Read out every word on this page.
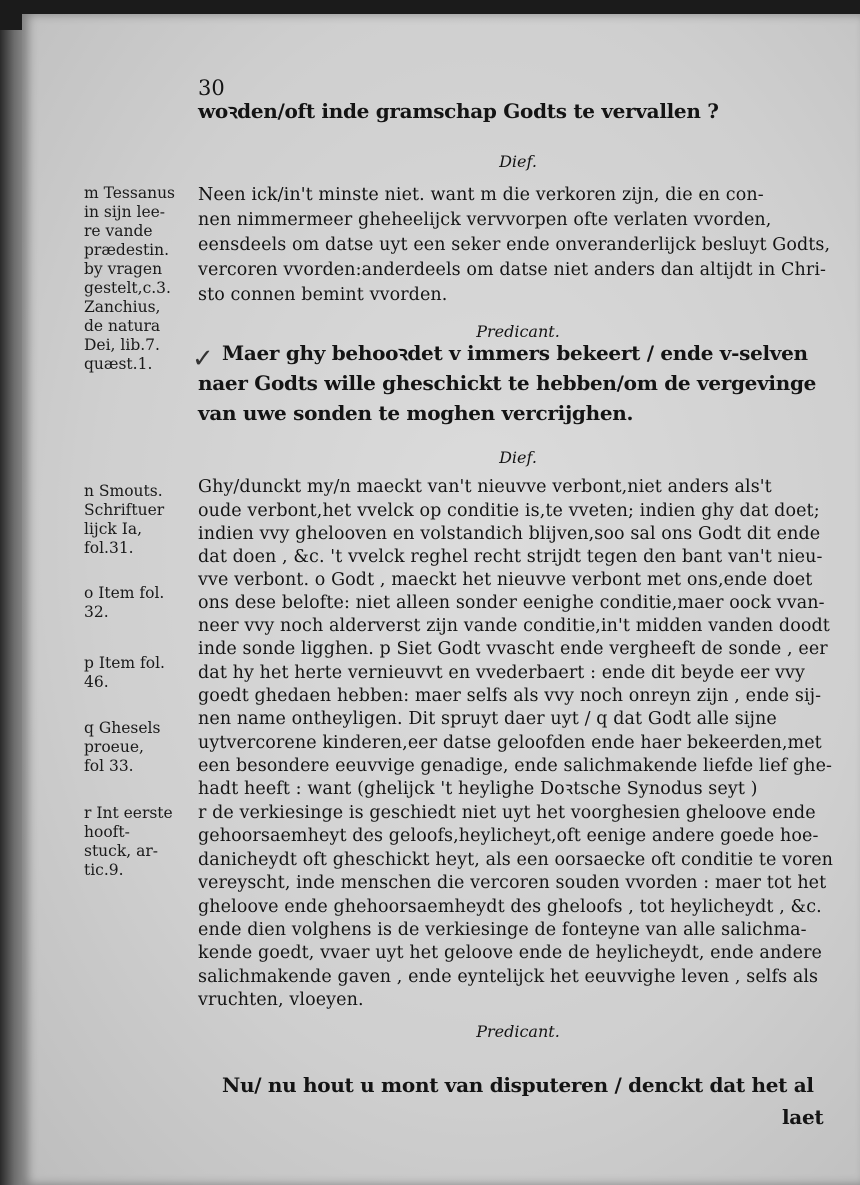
30

woꝛden/oft inde gramschap Godts te vervallen ?

Dief.

Neen ick/in't minste niet. want m die verkoren zijn, die en con-

nen nimmermeer gheheelijck vervvorpen ofte verlaten vvorden,

eensdeels om datse uyt een seker ende onveranderlijck besluyt Godts,

vercoren vvorden:anderdeels om datse niet anders dan altijdt in Chri-

sto connen bemint vvorden.

Predicant.
✓ Maer ghy behooꝛdet v immers bekeert / ende v-selven

naer Godts wille gheschickt te hebben/om de vergevinge

van uwe sonden te moghen vercrijghen.

Dief.

Ghy/dunckt my/n maeckt van't nieuvve verbont,niet anders als't

oude verbont,het vvelck op conditie is,te vveten; indien ghy dat doet;

indien vvy ghelooven en volstandich blijven,soo sal ons Godt dit ende

dat doen , &c. 't vvelck reghel recht strijdt tegen den bant van't nieu-

vve verbont. o Godt , maeckt het nieuvve verbont met ons,ende doet

ons dese belofte: niet alleen sonder eenighe conditie,maer oock vvan-

neer vvy noch alderverst zijn vande conditie,in't midden vanden doodt

inde sonde ligghen. p Siet Godt vvascht ende vergheeft de sonde , eer

dat hy het herte vernieuvvt en vvederbaert : ende dit beyde eer vvy

goedt ghedaen hebben: maer selfs als vvy noch onreyn zijn , ende sij-

nen name ontheyligen. Dit spruyt daer uyt / q dat Godt alle sijne

uytvercorene kinderen,eer datse geloofden ende haer bekeerden,met

een besondere eeuvvige genadige, ende salichmakende liefde lief ghe-

hadt heeft : want (ghelijck 't heylighe Doꝛtsche Synodus seyt )

r de verkiesinge is geschiedt niet uyt het voorghesien gheloove ende

gehoorsaemheyt des geloofs,heylicheyt,oft eenige andere goede hoe-

danicheydt oft gheschickt heyt, als een oorsaecke oft conditie te voren

vereyscht, inde menschen die vercoren souden vvorden : maer tot het

gheloove ende ghehoorsaemheydt des gheloofs , tot heylicheydt , &c.

ende dien volghens is de verkiesinge de fonteyne van alle salichma-

kende goedt, vvaer uyt het geloove ende de heylicheydt, ende andere

salichmakende gaven , ende eyntelijck het eeuvvighe leven , selfs als

vruchten, vloeyen.

Predicant.

Nu/ nu hout u mont van disputeren / denckt dat het al

laet

m Tessanus
in sijn lee-
re vande
prædestin.
by vragen
gestelt,c.3.
Zanchius,
de natura
Dei, lib.7.
quæst.1.
n Smouts.
Schriftuer
lijck Ia,
fol.31.
o Item fol.
32.
p Item fol.
46.
q Ghesels
proeue,
fol 33.
r Int eerste
hooft-
stuck, ar-
tic.9.
